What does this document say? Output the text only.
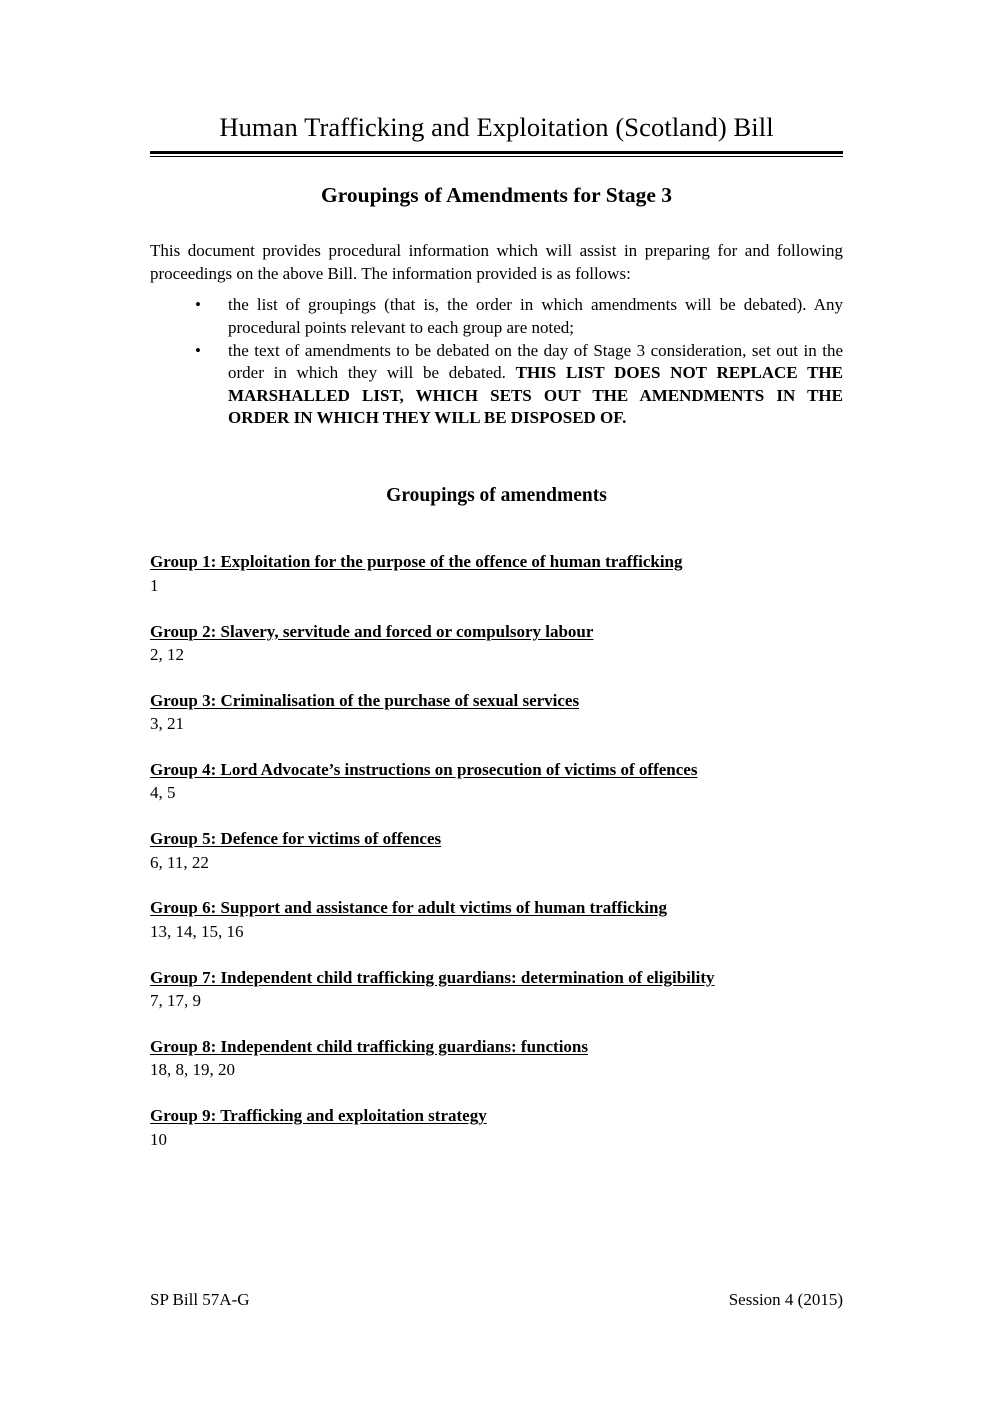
Human Trafficking and Exploitation (Scotland) Bill
Groupings of Amendments for Stage 3

This document provides procedural information which will assist in preparing for and following proceedings on the above Bill. The information provided is as follows:

• the list of groupings (that is, the order in which amendments will be debated). Any procedural points relevant to each group are noted;
• the text of amendments to be debated on the day of Stage 3 consideration, set out in the order in which they will be debated. THIS LIST DOES NOT REPLACE THE MARSHALLED LIST, WHICH SETS OUT THE AMENDMENTS IN THE ORDER IN WHICH THEY WILL BE DISPOSED OF.
Groupings of amendments
Group 1: Exploitation for the purpose of the offence of human trafficking
1
Group 2: Slavery, servitude and forced or compulsory labour
2, 12
Group 3: Criminalisation of the purchase of sexual services
3, 21
Group 4: Lord Advocate’s instructions on prosecution of victims of offences
4, 5
Group 5: Defence for victims of offences
6, 11, 22
Group 6: Support and assistance for adult victims of human trafficking
13, 14, 15, 16
Group 7: Independent child trafficking guardians: determination of eligibility
7, 17, 9
Group 8: Independent child trafficking guardians: functions
18, 8, 19, 20
Group 9: Trafficking and exploitation strategy
10
SP Bill 57A-G	Session 4 (2015)
